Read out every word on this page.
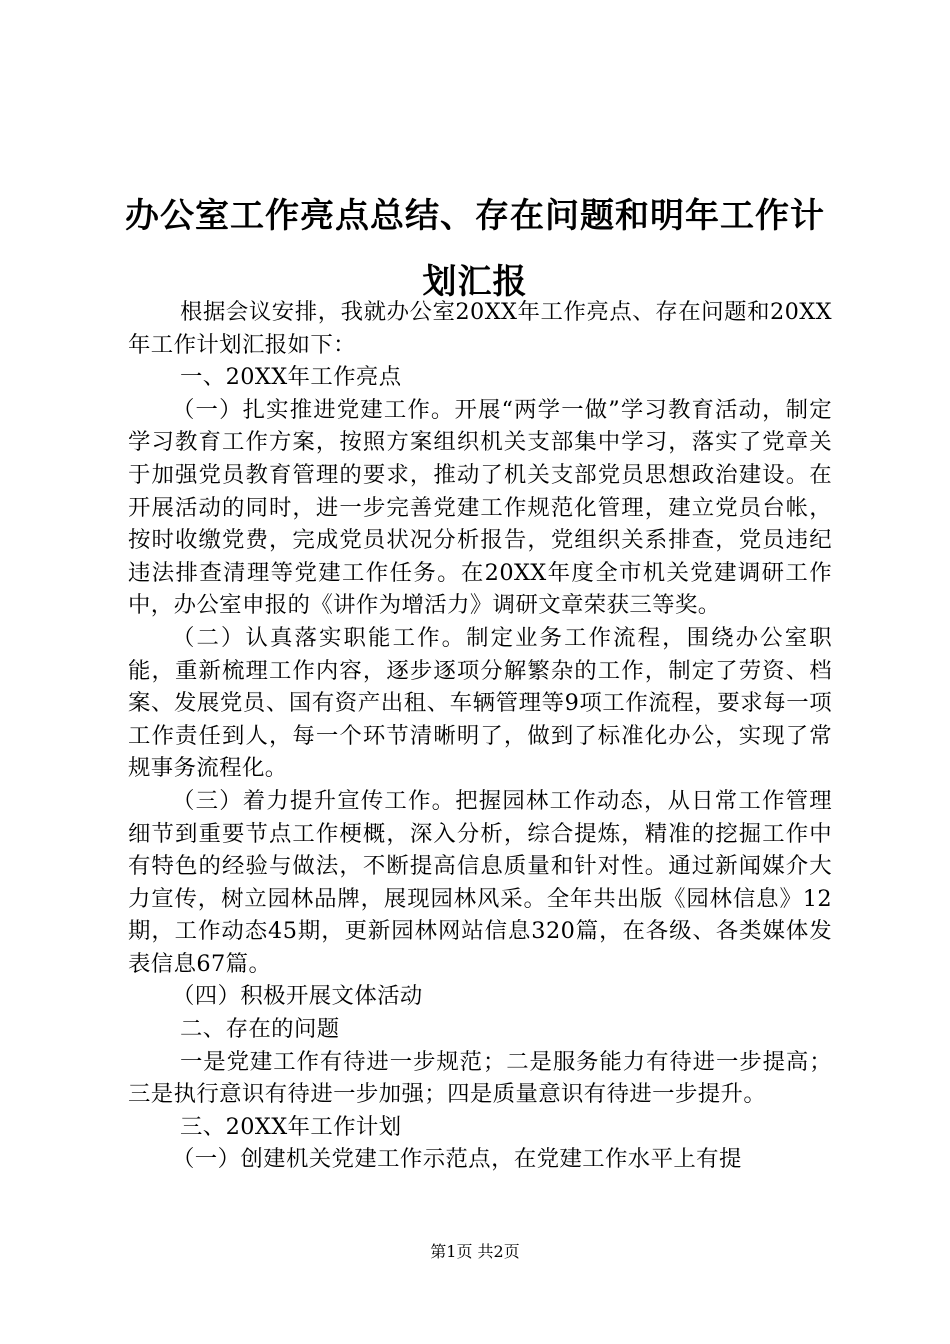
办公室工作亮点总结、存在问题和明年工作计划汇报

根据会议安排，我就办公室20XX年工作亮点、存在问题和20XX年工作计划汇报如下：

一、20XX年工作亮点

（一）扎实推进党建工作。开展“两学一做”学习教育活动，制定学习教育工作方案，按照方案组织机关支部集中学习，落实了党章关于加强党员教育管理的要求，推动了机关支部党员思想政治建设。在开展活动的同时，进一步完善党建工作规范化管理，建立党员台帐，按时收缴党费，完成党员状况分析报告，党组织关系排查，党员违纪违法排查清理等党建工作任务。在20XX年度全市机关党建调研工作中，办公室申报的《讲作为增活力》调研文章荣获三等奖。

（二）认真落实职能工作。制定业务工作流程，围绕办公室职能，重新梳理工作内容，逐步逐项分解繁杂的工作，制定了劳资、档案、发展党员、国有资产出租、车辆管理等9项工作流程，要求每一项工作责任到人，每一个环节清晰明了，做到了标准化办公，实现了常规事务流程化。

（三）着力提升宣传工作。把握园林工作动态，从日常工作管理细节到重要节点工作梗概，深入分析，综合提炼，精准的挖掘工作中有特色的经验与做法，不断提高信息质量和针对性。通过新闻媒介大力宣传，树立园林品牌，展现园林风采。全年共出版《园林信息》12期，工作动态45期，更新园林网站信息320篇，在各级、各类媒体发表信息67篇。

（四）积极开展文体活动

二、存在的问题

一是党建工作有待进一步规范；二是服务能力有待进一步提高；三是执行意识有待进一步加强；四是质量意识有待进一步提升。

三、20XX年工作计划

（一）创建机关党建工作示范点，在党建工作水平上有提

第1页 共2页
